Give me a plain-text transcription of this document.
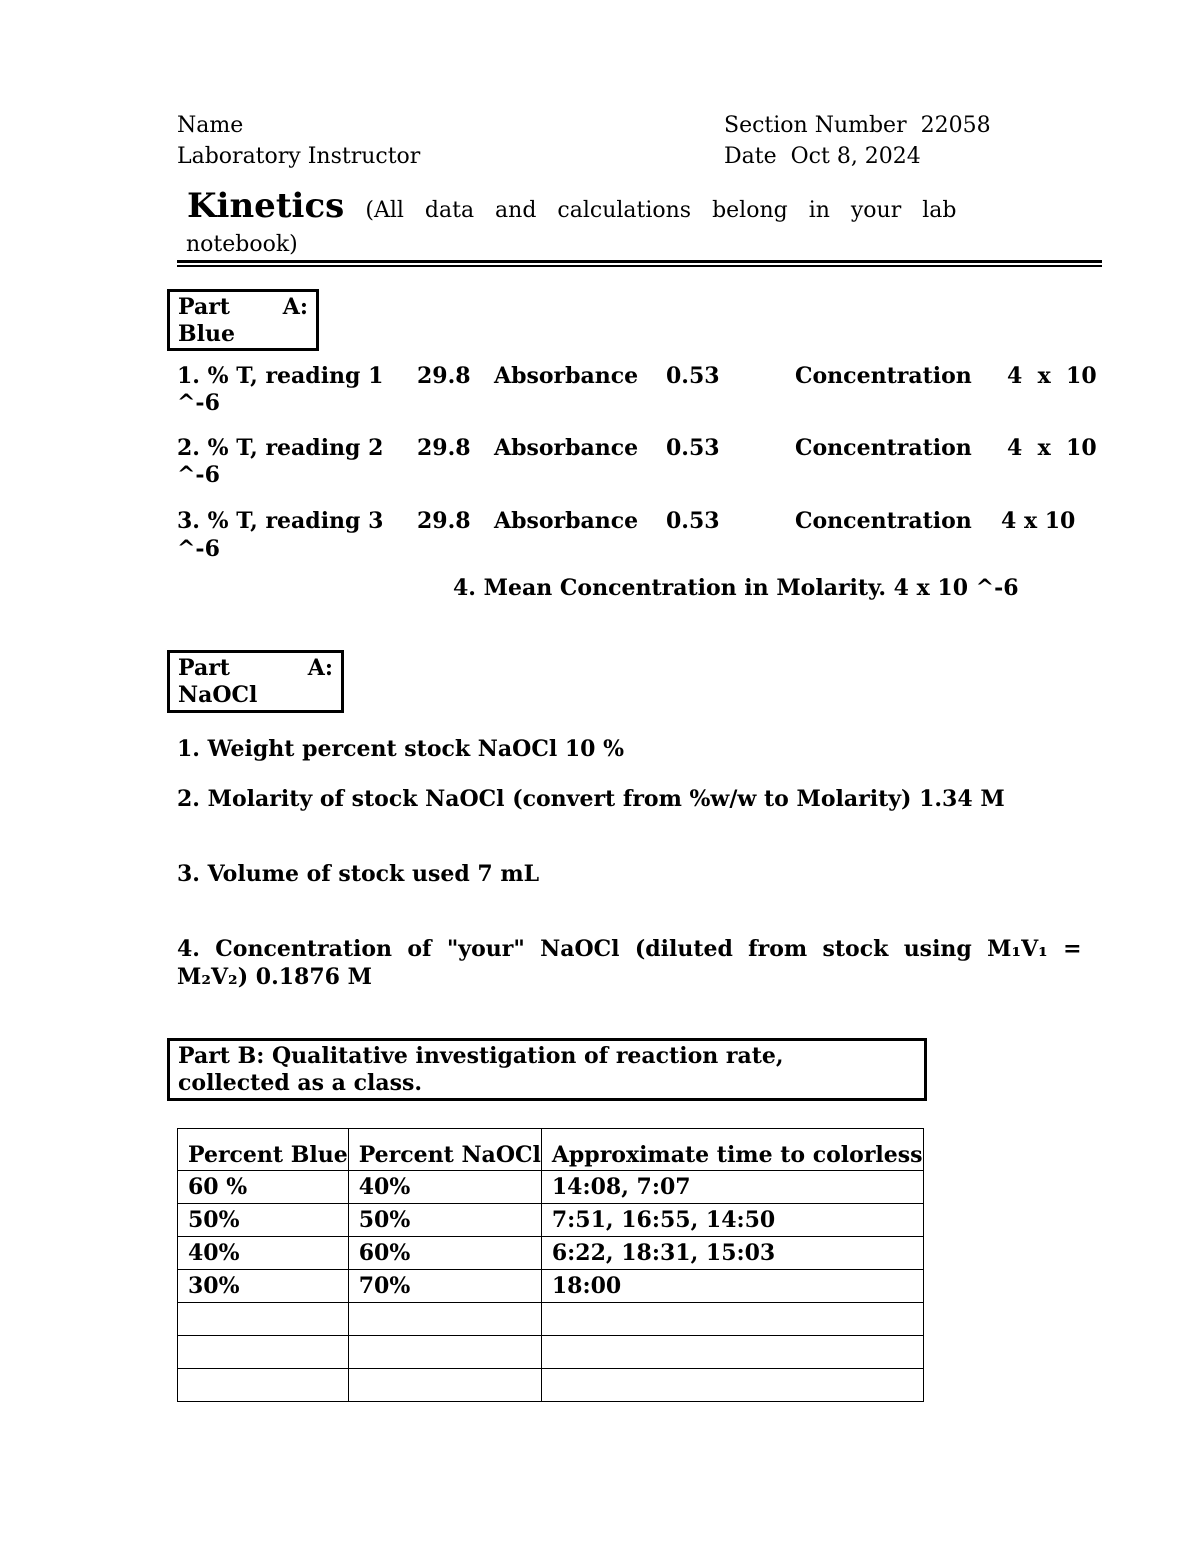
Name
Laboratory Instructor
Section Number 22058
Date Oct 8, 2024
Kinetics (All   data   and   calculations   belong   in   your   lab
notebook)
Part A:

Blue
1. % T, reading 1 29.8 Absorbance 0.53	Concentration 4  x  10
^-6
2. % T, reading 2 29.8 Absorbance 0.53	Concentration 4  x  10
^-6
3. % T, reading 3 29.8 Absorbance 0.53	Concentration 4 x 10
^-6
4. Mean Concentration in Molarity. 4 x 10 ^-6
Part	A:

NaOCl
1. Weight percent stock NaOCl 10 %
2. Molarity of stock NaOCl (convert from %w/w to Molarity) 1.34 M
3. Volume of stock used 7 mL
4.  Concentration  of  "your"  NaOCl  (diluted  from  stock  using  M₁V₁  =
M₂V₂) 0.1876 M
Part B: Qualitative investigation of reaction rate,
collected as a class.
Percent Blue	Percent NaOCl	Approximate time to colorless
60 %	40%	14:08, 7:07
50%	50%	7:51, 16:55, 14:50
40%	60%	6:22, 18:31, 15:03
30%	70%	18:00
